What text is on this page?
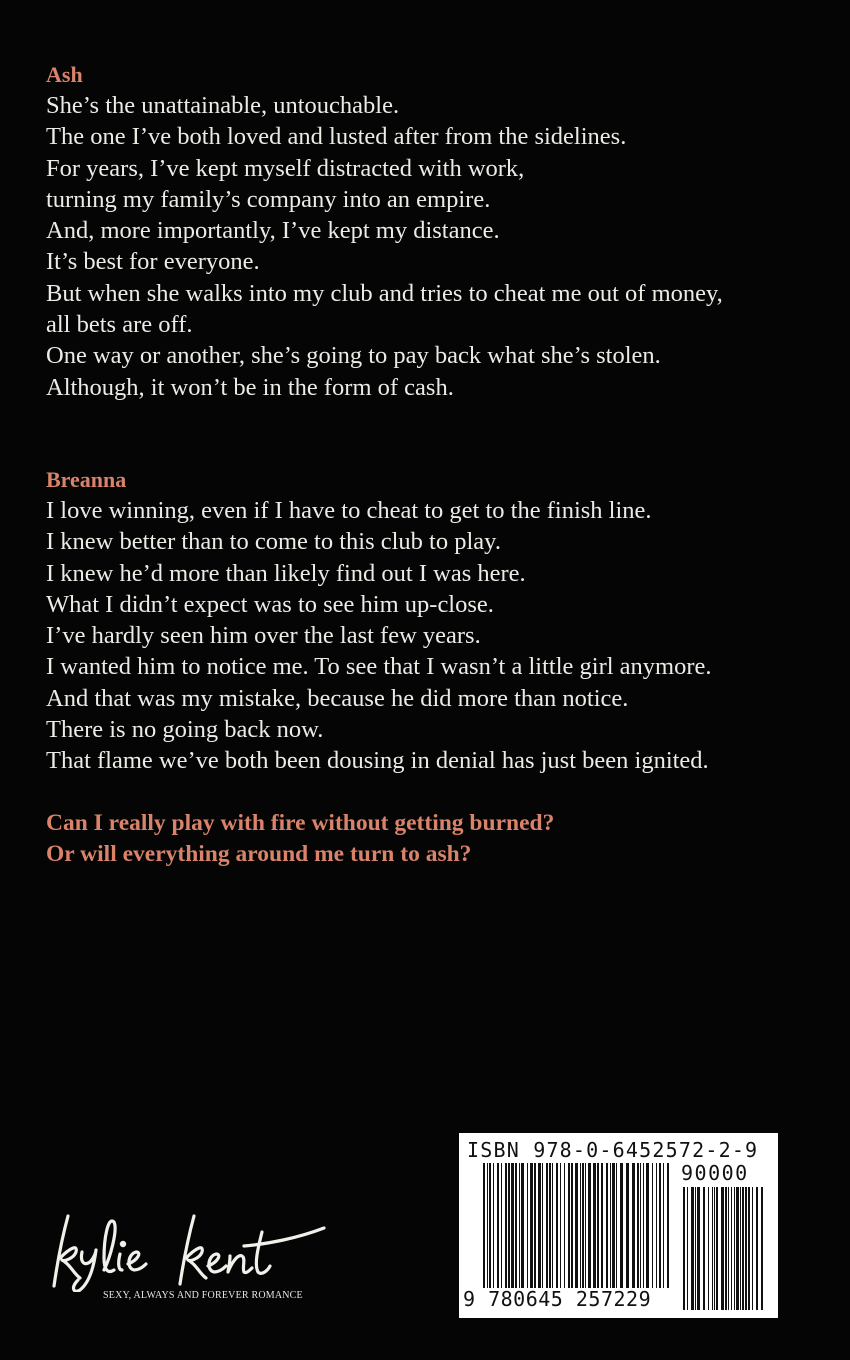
Ash
She’s the unattainable, untouchable.
The one I’ve both loved and lusted after from the sidelines.
For years, I’ve kept myself distracted with work,
turning my family’s company into an empire.
And, more importantly, I’ve kept my distance.
It’s best for everyone.
But when she walks into my club and tries to cheat me out of money,
all bets are off.
One way or another, she’s going to pay back what she’s stolen.
Although, it won’t be in the form of cash.
Breanna
I love winning, even if I have to cheat to get to the finish line.
I knew better than to come to this club to play.
I knew he’d more than likely find out I was here.
What I didn’t expect was to see him up-close.
I’ve hardly seen him over the last few years.
I wanted him to notice me. To see that I wasn’t a little girl anymore.
And that was my mistake, because he did more than notice.
There is no going back now.
That flame we’ve both been dousing in denial has just been ignited.
Can I really play with fire without getting burned?
Or will everything around me turn to ash?
SEXY, ALWAYS AND FOREVER ROMANCE
ISBN 978-0-6452572-2-9
90000
9 780645 257229
